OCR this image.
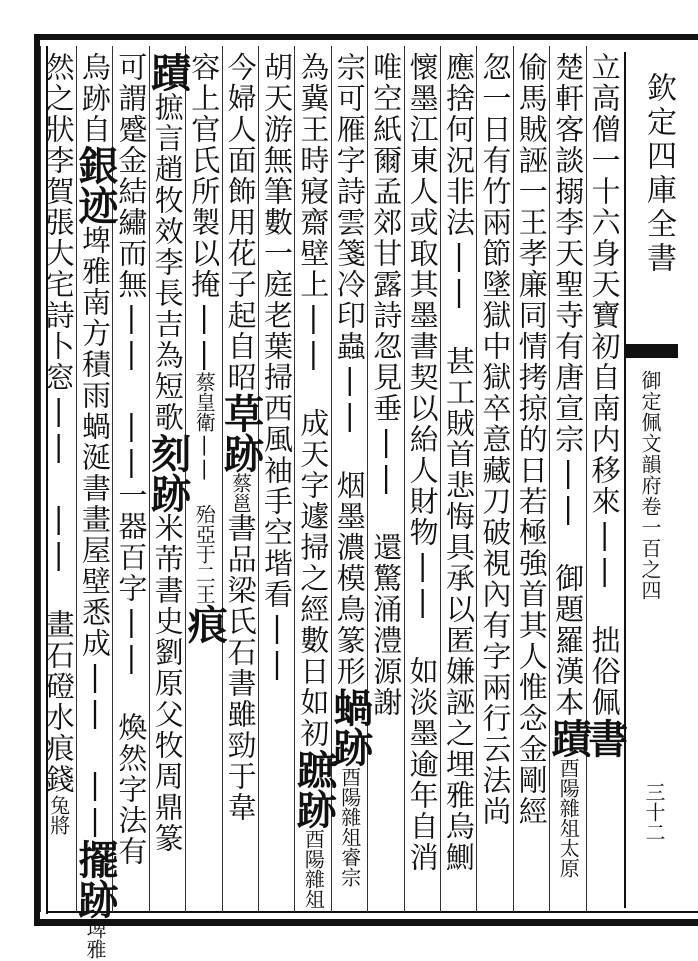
立高僧一十六身天寶初自南内移來|| 拙俗佩書
楚軒客談搦李天聖寺有唐宣宗|| 御題羅漢本蹟酉陽雜俎太原
偷馬賊誣一王孝廉同情拷掠的日若極強首其人惟念金剛經
忽一日有竹兩節墜獄中獄卒意藏刀破視內有字兩行云法尚
應捨何況非法|| 甚工賊首悲悔具承以匿嫌誣之埋雅烏鰂
懷墨江東人或取其墨書契以紿人財物|| 如淡墨逾年自消
唯空紙爾孟郊甘露詩忽見垂|| 還驚涌澧源謝
宗可雁字詩雲箋冷印蟲|| 烟墨濃模鳥篆形蝸跡酉陽雜俎睿宗
為冀王時寢齋壁上|| 成天字遽掃之經數日如初蹠跡酉陽雜俎
胡天游無筆數一庭老葉掃西風袖手空堦看||
今婦人面飾用花子起自昭草跡蔡邕書品梁氏石書雖勁于韋
容上官氏所製以掩||蔡皇衛|| 殆亞于二王痕
蹟摭言趙牧效李長吉為短歌刻跡米芾書史劉原父牧周鼎篆
可謂蹙金結繡而無|| ||一器百字|| 煥然字法有
烏跡自銀迹埤雅南方積雨蝸涎書畫屋壁悉成|| ||擺跡埤雅
然之狀李賀張大宅詩卜窓|| || 畫石磴水痕錢兔將
欽定四庫全書
御定佩文韻府卷一百之四
三十二
